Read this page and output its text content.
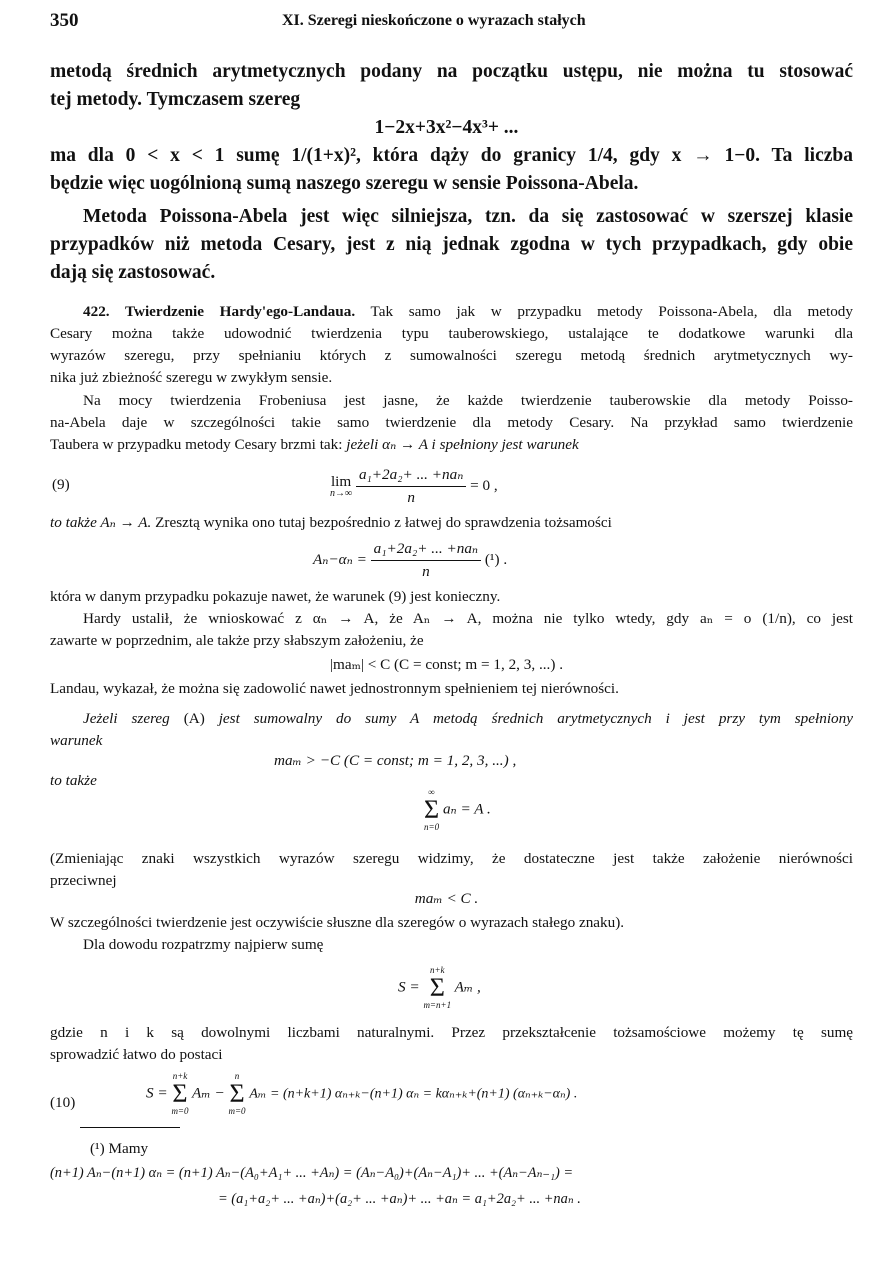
350	XI. Szeregi nieskończone o wyrazach stałych
metodą średnich arytmetycznych podany na początku ustępu, nie można tu stosować
tej metody. Tymczasem szereg
1−2x+3x²−4x³+ ...
ma dla 0 < x < 1 sumę 1/(1+x)², która dąży do granicy 1/4, gdy x → 1−0. Ta liczba
będzie więc uogólnioną sumą naszego szeregu w sensie Poissona-Abela.
Metoda Poissona-Abela jest więc silniejsza, tzn. da się zastosować w szerszej klasie
przypadków niż metoda Cesary, jest z nią jednak zgodna w tych przypadkach, gdy obie
dają się zastosować.
422. Twierdzenie Hardy'ego-Landaua. Tak samo jak w przypadku metody Poissona-Abela, dla metody
Cesary można także udowodnić twierdzenia typu tauberowskiego, ustalające te dodatkowe warunki dla
wyrazów szeregu, przy spełnianiu których z sumowalności szeregu metodą średnich arytmetycznych wy-
nika już zbieżność szeregu w zwykłym sensie.
Na mocy twierdzenia Frobeniusa jest jasne, że każde twierdzenie tauberowskie dla metody Poisso-
na-Abela daje w szczególności takie samo twierdzenie dla metody Cesary. Na przykład samo twierdzenie
Taubera w przypadku metody Cesary brzmi tak: jeżeli αₙ → A i spełniony jest warunek
(9)	lim
n→∞
$\frac{\text{a₁+2a₂+ ... +naₙ}}{n} = 0$ ,
to także Aₙ → A. Zresztą wynika ono tutaj bezpośrednio z łatwej do sprawdzenia tożsamości
$A_n-\alpha_n = \frac{\text{a₁+2a₂+ ... +naₙ}}{n} (^1)$ .
która w danym przypadku pokazuje nawet, że warunek (9) jest konieczny.
Hardy ustalił, że wnioskować z αₙ → A, że Aₙ → A, można nie tylko wtedy, gdy aₙ = o (1/n), co jest
zawarte w poprzednim, ale także przy słabszym założeniu, że
|maₘ| < C (C = const; m = 1, 2, 3, ...) .
Landau, wykazał, że można się zadowolić nawet jednostronnym spełnieniem tej nierówności.
Jeżeli szereg (A) jest sumowalny do sumy A metodą średnich arytmetycznych i jest przy tym spełniony
warunek
maₘ > −C (C = const; m = 1, 2, 3, ...) ,
to także
∞
Σ
n=0
aₙ = A .
(Zmieniając znaki wszystkich wyrazów szeregu widzimy, że dostateczne jest także założenie nierówności
przeciwnej
maₘ < C .
W szczególności twierdzenie jest oczywiście słuszne dla szeregów o wyrazach stałego znaku).
Dla dowodu rozpatrzmy najpierw sumę
S =
n+k
Σ
m=n+1
Aₘ ,
gdzie n i k są dowolnymi liczbami naturalnymi. Przez przekształcenie tożsamościowe możemy tę sumę
sprowadzić łatwo do postaci
(10)
S =
n+k
Σ
m=0
Aₘ −
n
Σ
m=0
Aₘ = (n+k+1) αₙ₊ₖ−(n+1) αₙ = kαₙ₊ₖ+(n+1) (αₙ₊ₖ−αₙ) .
(¹) Mamy
(n+1) Aₙ−(n+1) αₙ = (n+1) Aₙ−(A₀+A₁+ ... +Aₙ) = (Aₙ−A₀)+(Aₙ−A₁)+ ... +(Aₙ−Aₙ₋₁) =
= (a₁+a₂+ ... +aₙ)+(a₂+ ... +aₙ)+ ... +aₙ = a₁+2a₂+ ... +naₙ .
